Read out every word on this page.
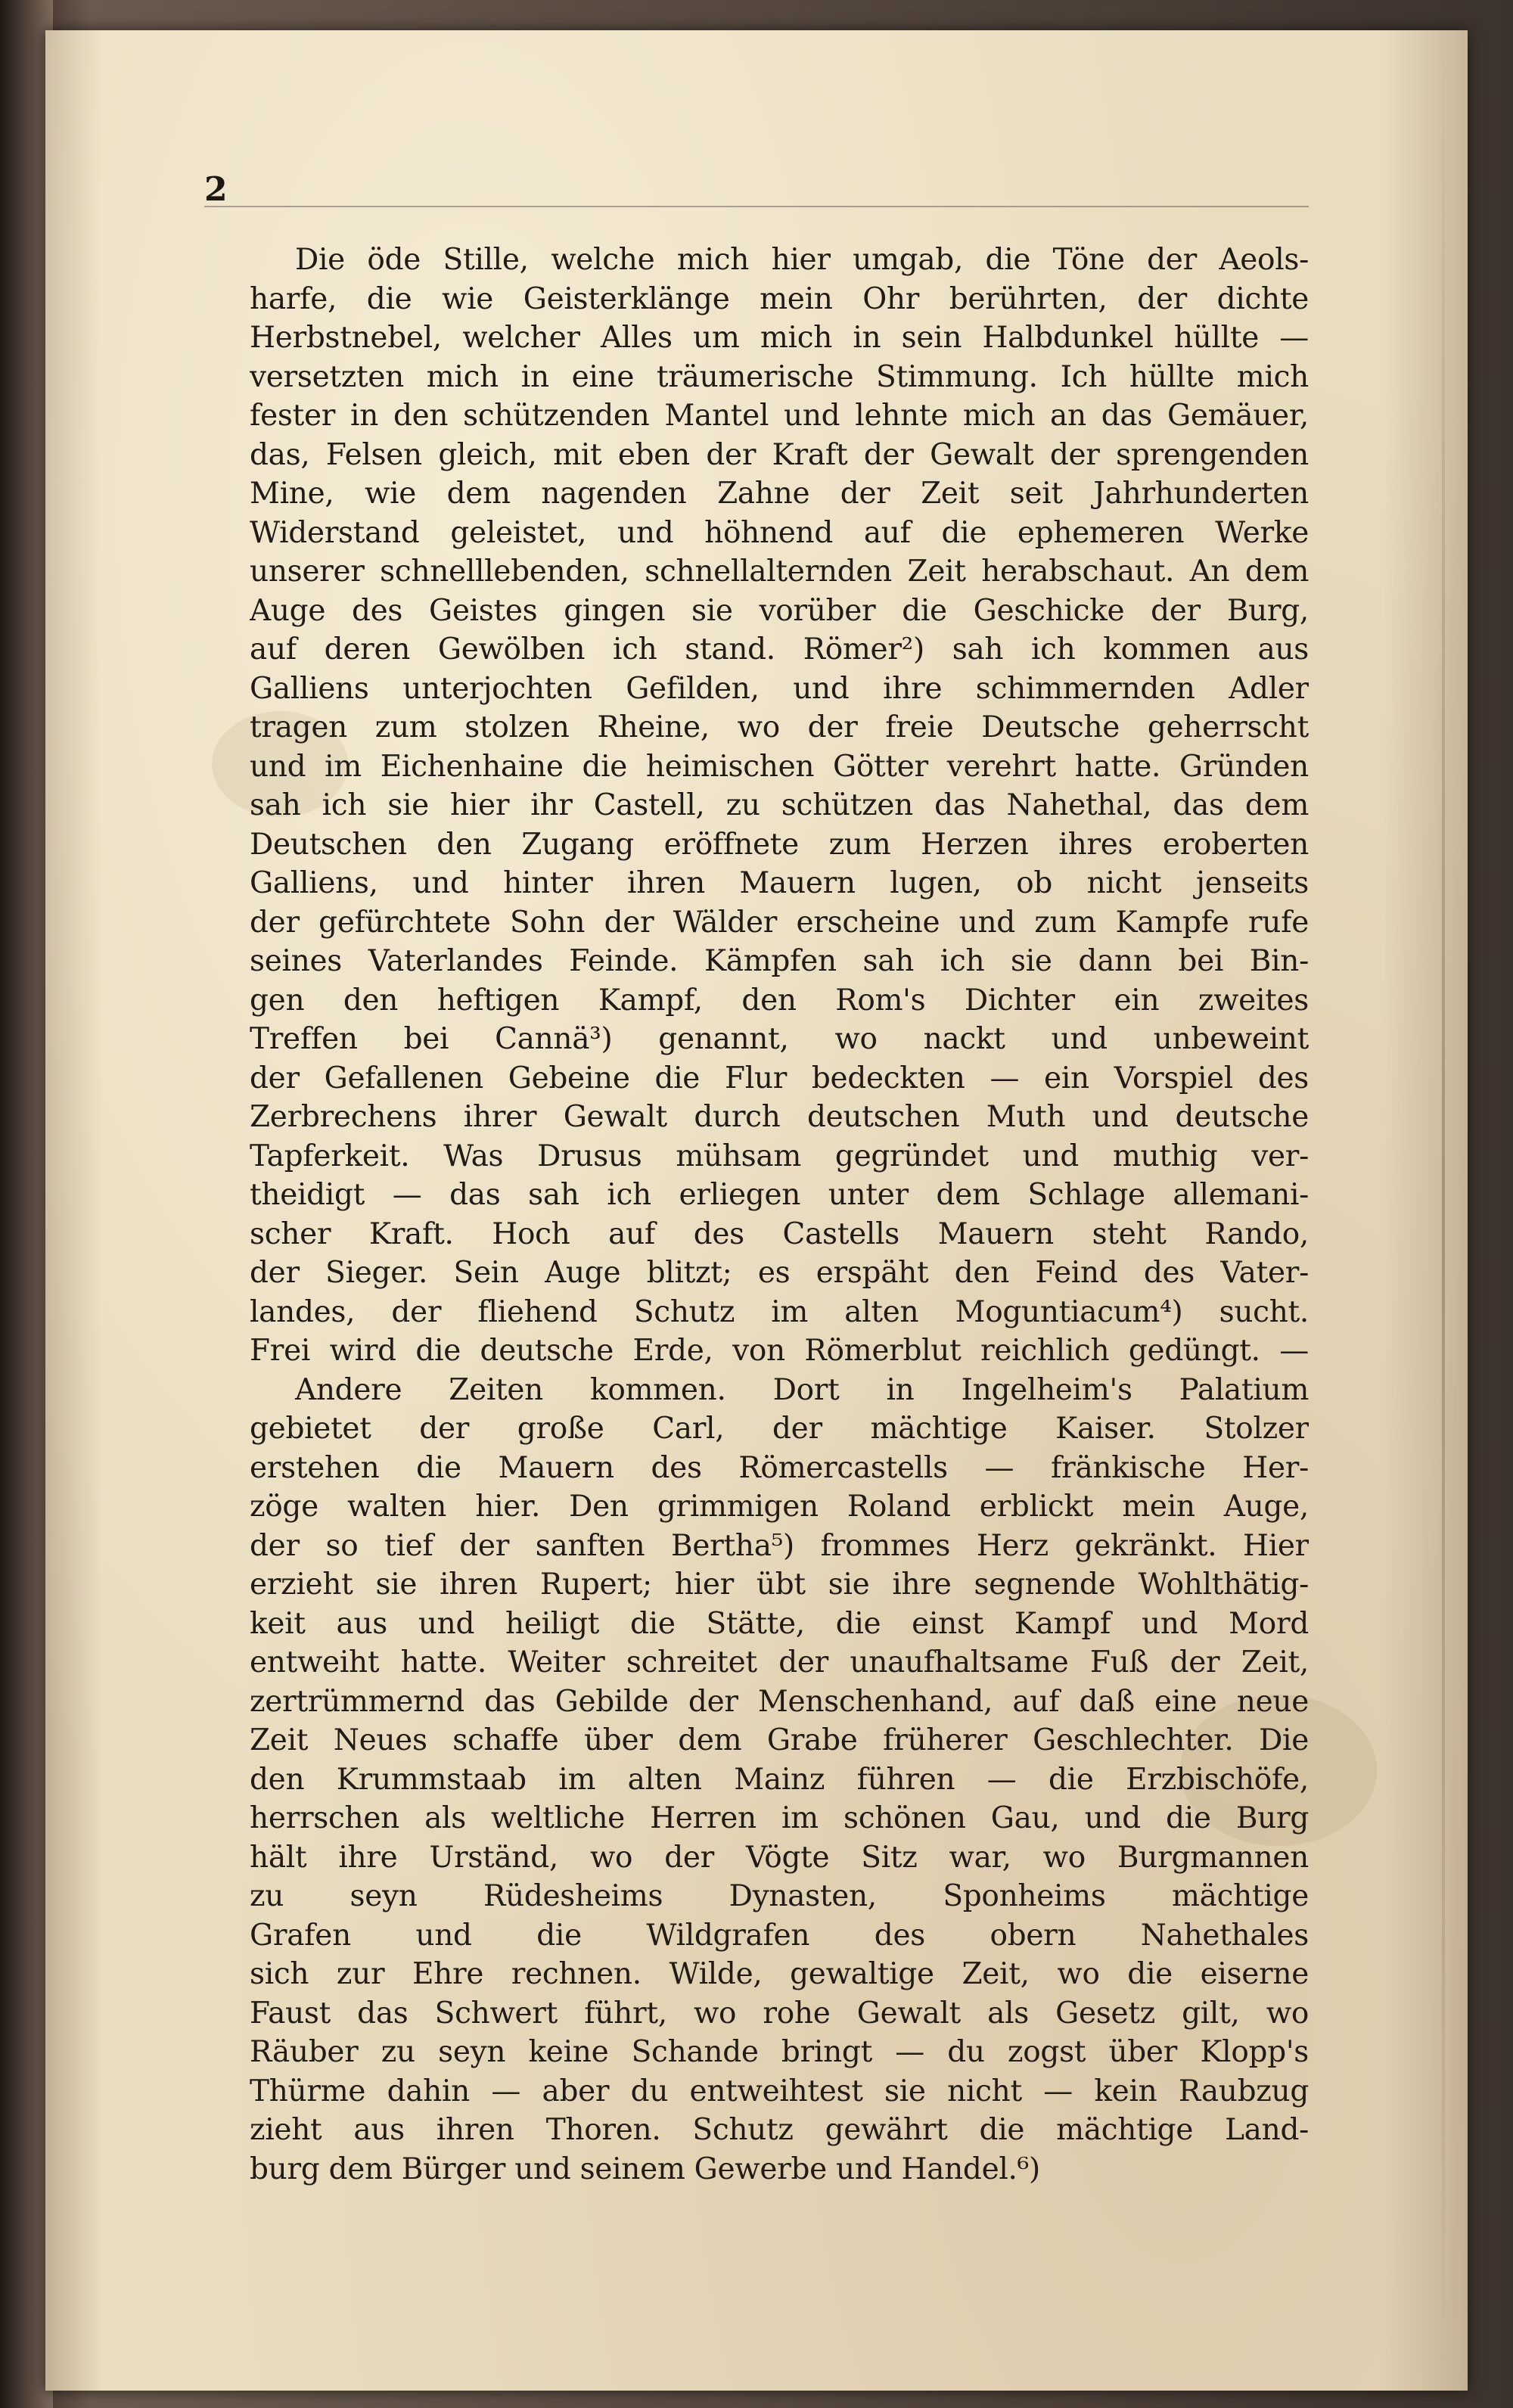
2

Die öde Stille, welche mich hier umgab, die Töne der Aeols-
harfe, die wie Geisterklänge mein Ohr berührten, der dichte
Herbstnebel, welcher Alles um mich in sein Halbdunkel hüllte —
versetzten mich in eine träumerische Stimmung. Ich hüllte mich
fester in den schützenden Mantel und lehnte mich an das Gemäuer,
das, Felsen gleich, mit eben der Kraft der Gewalt der sprengenden
Mine, wie dem nagenden Zahne der Zeit seit Jahrhunderten
Widerstand geleistet, und höhnend auf die ephemeren Werke
unserer schnelllebenden, schnellalternden Zeit herabschaut. An dem
Auge des Geistes gingen sie vorüber die Geschicke der Burg,
auf deren Gewölben ich stand. Römer²) sah ich kommen aus
Galliens unterjochten Gefilden, und ihre schimmernden Adler
tragen zum stolzen Rheine, wo der freie Deutsche geherrscht
und im Eichenhaine die heimischen Götter verehrt hatte. Gründen
sah ich sie hier ihr Castell, zu schützen das Nahethal, das dem
Deutschen den Zugang eröffnete zum Herzen ihres eroberten
Galliens, und hinter ihren Mauern lugen, ob nicht jenseits
der gefürchtete Sohn der Wälder erscheine und zum Kampfe rufe
seines Vaterlandes Feinde. Kämpfen sah ich sie dann bei Bin-
gen den heftigen Kampf, den Rom's Dichter ein zweites
Treffen bei Cannä³) genannt, wo nackt und unbeweint
der Gefallenen Gebeine die Flur bedeckten — ein Vorspiel des
Zerbrechens ihrer Gewalt durch deutschen Muth und deutsche
Tapferkeit. Was Drusus mühsam gegründet und muthig ver-
theidigt — das sah ich erliegen unter dem Schlage allemani-
scher Kraft. Hoch auf des Castells Mauern steht Rando,
der Sieger. Sein Auge blitzt; es erspäht den Feind des Vater-
landes, der fliehend Schutz im alten Moguntiacum⁴) sucht.
Frei wird die deutsche Erde, von Römerblut reichlich gedüngt. —
Andere Zeiten kommen. Dort in Ingelheim's Palatium
gebietet der große Carl, der mächtige Kaiser. Stolzer
erstehen die Mauern des Römercastells — fränkische Her-
zöge walten hier. Den grimmigen Roland erblickt mein Auge,
der so tief der sanften Bertha⁵) frommes Herz gekränkt. Hier
erzieht sie ihren Rupert; hier übt sie ihre segnende Wohlthätig-
keit aus und heiligt die Stätte, die einst Kampf und Mord
entweiht hatte. Weiter schreitet der unaufhaltsame Fuß der Zeit,
zertrümmernd das Gebilde der Menschenhand, auf daß eine neue
Zeit Neues schaffe über dem Grabe früherer Geschlechter. Die
den Krummstaab im alten Mainz führen — die Erzbischöfe,
herrschen als weltliche Herren im schönen Gau, und die Burg
hält ihre Urständ, wo der Vögte Sitz war, wo Burgmannen
zu seyn Rüdesheims Dynasten, Sponheims mächtige
Grafen und die Wildgrafen des obern Nahethales
sich zur Ehre rechnen. Wilde, gewaltige Zeit, wo die eiserne
Faust das Schwert führt, wo rohe Gewalt als Gesetz gilt, wo
Räuber zu seyn keine Schande bringt — du zogst über Klopp's
Thürme dahin — aber du entweihtest sie nicht — kein Raubzug
zieht aus ihren Thoren. Schutz gewährt die mächtige Land-
burg dem Bürger und seinem Gewerbe und Handel.⁶)
